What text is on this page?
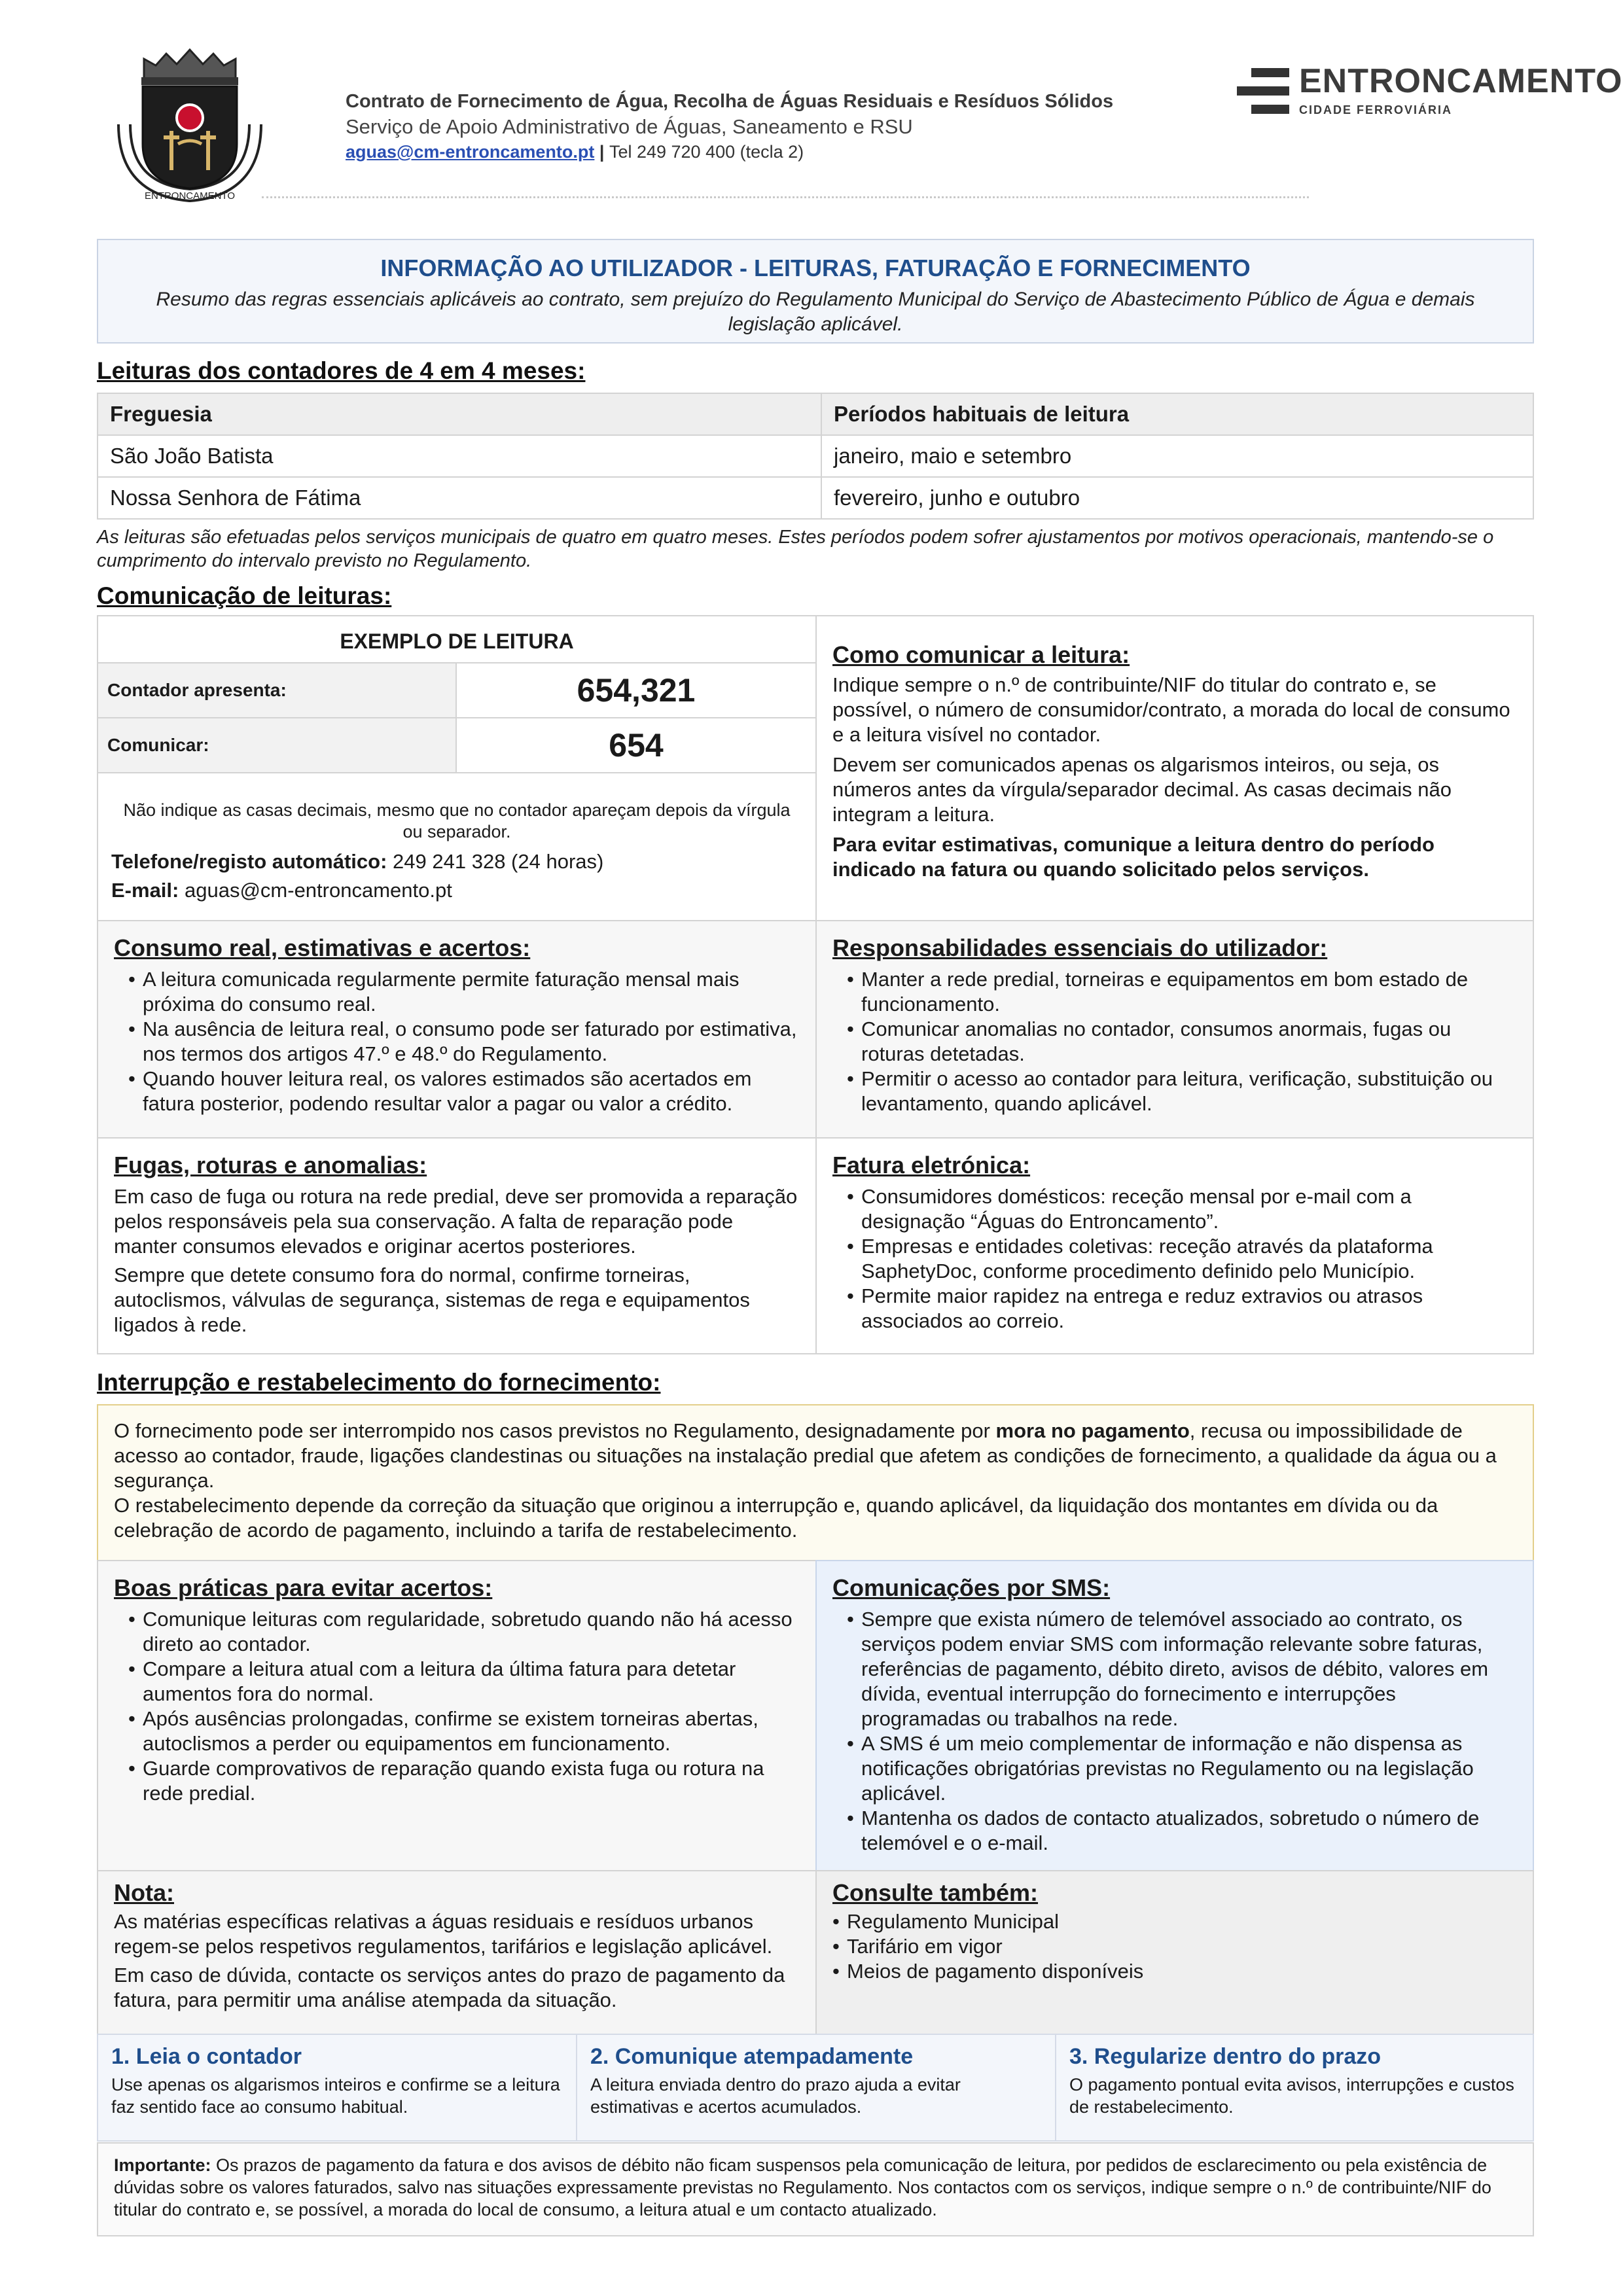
ENTRONCAMENTO
Contrato de Fornecimento de Água, Recolha de Águas Residuais e Resíduos Sólidos
Serviço de Apoio Administrativo de Águas, Saneamento e RSU
aguas@cm-entroncamento.pt | Tel 249 720 400 (tecla 2)
ENTRONCAMENTO
CIDADE FERROVIÁRIA
INFORMAÇÃO AO UTILIZADOR - LEITURAS, FATURAÇÃO E FORNECIMENTO
Resumo das regras essenciais aplicáveis ao contrato, sem prejuízo do Regulamento Municipal do Serviço de Abastecimento Público de Água e demais legislação aplicável.
Leituras dos contadores de 4 em 4 meses:
Freguesia	Períodos habituais de leitura
São João Batista	janeiro, maio e setembro
Nossa Senhora de Fátima	fevereiro, junho e outubro
As leituras são efetuadas pelos serviços municipais de quatro em quatro meses. Estes períodos podem sofrer ajustamentos por motivos operacionais, mantendo-se o cumprimento do intervalo previsto no Regulamento.
Comunicação de leituras:
EXEMPLO DE LEITURA
Contador apresenta:	654,321
Comunicar:	654
Não indique as casas decimais, mesmo que no contador apareçam depois da vírgula ou separador.
Telefone/registo automático: 249 241 328 (24 horas)
E-mail: aguas@cm-entroncamento.pt
Como comunicar a leitura:

Indique sempre o n.º de contribuinte/NIF do titular do contrato e, se possível, o número de consumidor/contrato, a morada do local de consumo e a leitura visível no contador.

Devem ser comunicados apenas os algarismos inteiros, ou seja, os números antes da vírgula/separador decimal. As casas decimais não integram a leitura.

Para evitar estimativas, comunique a leitura dentro do período indicado na fatura ou quando solicitado pelos serviços.

Consumo real, estimativas e acertos:
• A leitura comunicada regularmente permite faturação mensal mais próxima do consumo real.
• Na ausência de leitura real, o consumo pode ser faturado por estimativa, nos termos dos artigos 47.º e 48.º do Regulamento.
• Quando houver leitura real, os valores estimados são acertados em fatura posterior, podendo resultar valor a pagar ou valor a crédito.
Responsabilidades essenciais do utilizador:
• Manter a rede predial, torneiras e equipamentos em bom estado de funcionamento.
• Comunicar anomalias no contador, consumos anormais, fugas ou roturas detetadas.
• Permitir o acesso ao contador para leitura, verificação, substituição ou levantamento, quando aplicável.
Fugas, roturas e anomalias:

Em caso de fuga ou rotura na rede predial, deve ser promovida a reparação pelos responsáveis pela sua conservação. A falta de reparação pode manter consumos elevados e originar acertos posteriores.

Sempre que detete consumo fora do normal, confirme torneiras, autoclismos, válvulas de segurança, sistemas de rega e equipamentos ligados à rede.

Fatura eletrónica:
• Consumidores domésticos: receção mensal por e-mail com a designação “Águas do Entroncamento”.
• Empresas e entidades coletivas: receção através da plataforma SaphetyDoc, conforme procedimento definido pelo Município.
• Permite maior rapidez na entrega e reduz extravios ou atrasos associados ao correio.
Interrupção e restabelecimento do fornecimento:

O fornecimento pode ser interrompido nos casos previstos no Regulamento, designadamente por mora no pagamento, recusa ou impossibilidade de acesso ao contador, fraude, ligações clandestinas ou situações na instalação predial que afetem as condições de fornecimento, a qualidade da água ou a segurança.

O restabelecimento depende da correção da situação que originou a interrupção e, quando aplicável, da liquidação dos montantes em dívida ou da celebração de acordo de pagamento, incluindo a tarifa de restabelecimento.

Boas práticas para evitar acertos:
• Comunique leituras com regularidade, sobretudo quando não há acesso direto ao contador.
• Compare a leitura atual com a leitura da última fatura para detetar aumentos fora do normal.
• Após ausências prolongadas, confirme se existem torneiras abertas, autoclismos a perder ou equipamentos em funcionamento.
• Guarde comprovativos de reparação quando exista fuga ou rotura na rede predial.
Comunicações por SMS:
• Sempre que exista número de telemóvel associado ao contrato, os serviços podem enviar SMS com informação relevante sobre faturas, referências de pagamento, débito direto, avisos de débito, valores em dívida, eventual interrupção do fornecimento e interrupções programadas ou trabalhos na rede.
• A SMS é um meio complementar de informação e não dispensa as notificações obrigatórias previstas no Regulamento ou na legislação aplicável.
• Mantenha os dados de contacto atualizados, sobretudo o número de telemóvel e o e-mail.
Nota:

As matérias específicas relativas a águas residuais e resíduos urbanos regem-se pelos respetivos regulamentos, tarifários e legislação aplicável.

Em caso de dúvida, contacte os serviços antes do prazo de pagamento da fatura, para permitir uma análise atempada da situação.

Consulte também:
• Regulamento Municipal
• Tarifário em vigor
• Meios de pagamento disponíveis
1. Leia o contador
Use apenas os algarismos inteiros e confirme se a leitura faz sentido face ao consumo habitual.
2. Comunique atempadamente
A leitura enviada dentro do prazo ajuda a evitar estimativas e acertos acumulados.
3. Regularize dentro do prazo
O pagamento pontual evita avisos, interrupções e custos de restabelecimento.
Importante: Os prazos de pagamento da fatura e dos avisos de débito não ficam suspensos pela comunicação de leitura, por pedidos de esclarecimento ou pela existência de dúvidas sobre os valores faturados, salvo nas situações expressamente previstas no Regulamento. Nos contactos com os serviços, indique sempre o n.º de contribuinte/NIF do titular do contrato e, se possível, a morada do local de consumo, a leitura atual e um contacto atualizado.
